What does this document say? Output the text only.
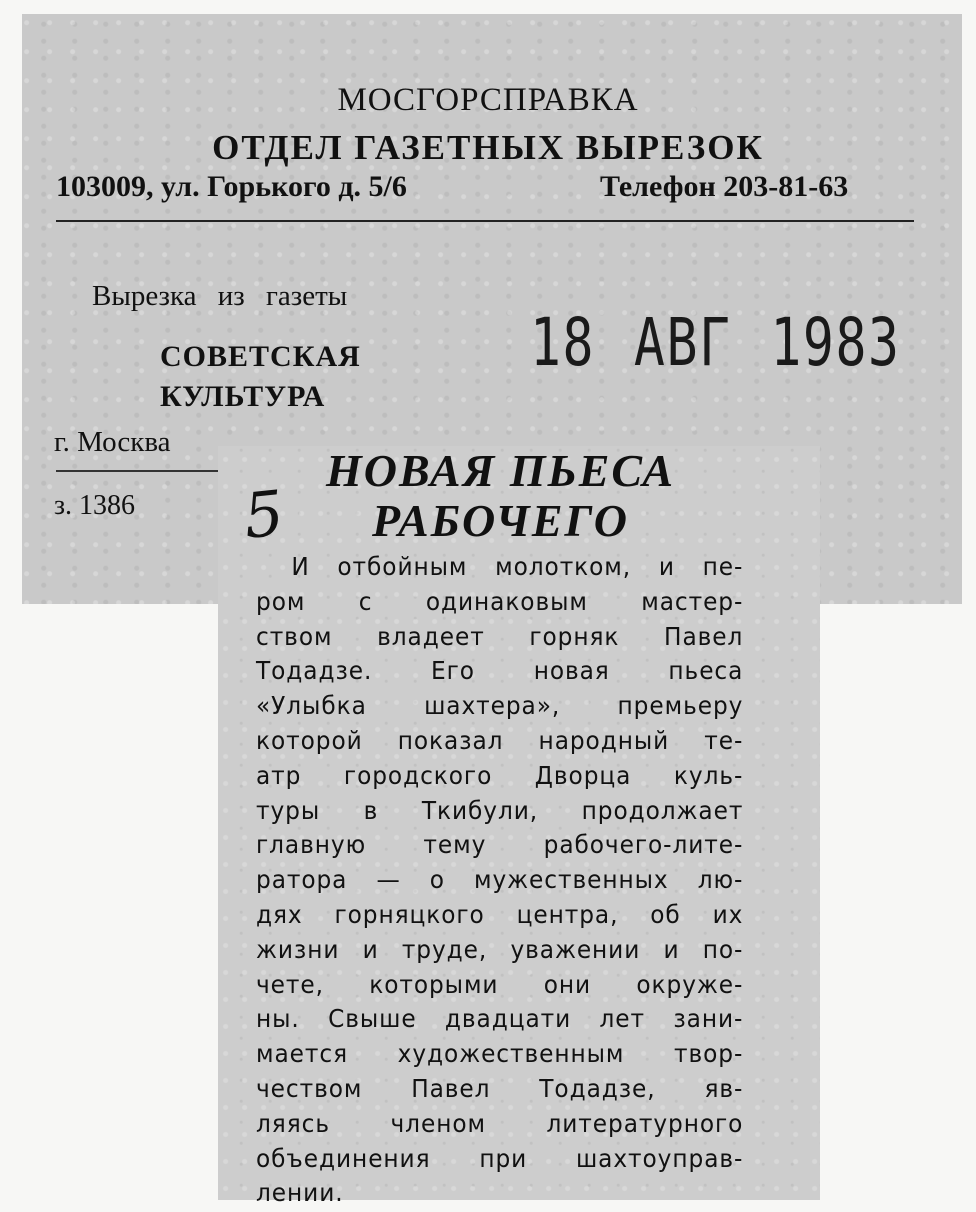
МОСГОРСПРАВКА
ОТДЕЛ ГАЗЕТНЫХ ВЫРЕЗОК
103009, ул. Горького д. 5/6	Телефон 203-81-63
Вырезка из газеты
18 АВГ 1983
СОВЕТСКАЯ
КУЛЬТУРА
г. Москва
з. 1386 5
НОВАЯ ПЬЕСА
РАБОЧЕГО
И отбойным молотком, и пе-
ром с одинаковым мастер-
ством владеет горняк Павел
Тодадзе. Его новая пьеса
«Улыбка шахтера», премьеру
которой показал народный те-
атр городского Дворца куль-
туры в Ткибули, продолжает
главную тему рабочего-лите-
ратора — о мужественных лю-
дях горняцкого центра, об их
жизни и труде, уважении и по-
чете, которыми они окруже-
ны. Свыше двадцати лет зани-
мается художественным твор-
чеством Павел Тодадзе, яв-
ляясь членом литературного
объединения при шахтоуправ-
лении.
